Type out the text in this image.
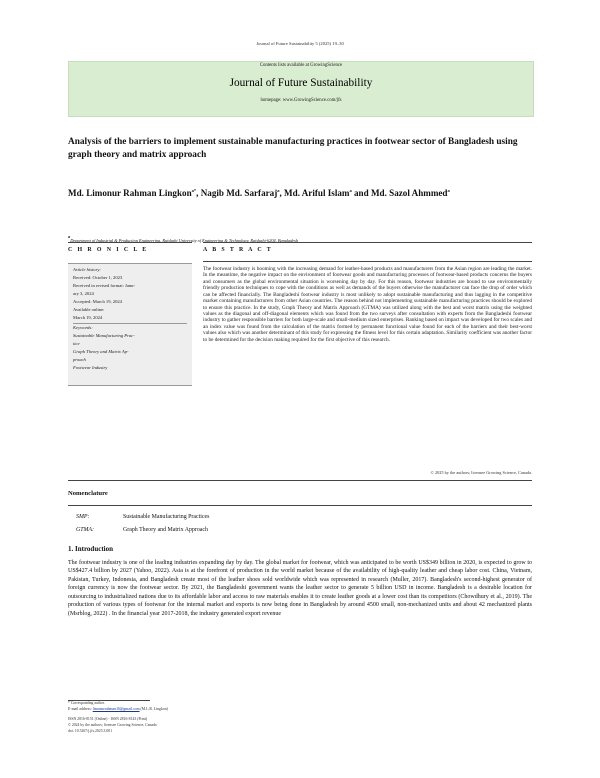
Journal of Future Sustainability 5 (2025) 19–30
Contents lists available at GrowingScience
Journal of Future Sustainability
homepage: www.GrowingScience.com/jfs
Analysis of the barriers to implement sustainable manufacturing practices in footwear sector of Bangladesh using graph theory and matrix approach
Md. Limonur Rahman Lingkon$^{a*}$, Nagib Md. Sarfaraj$^a$, Md. Ariful Islam$^a$ and Md. Sazol Ahmmed$^a$
$^a$Department of Industrial & Production Engineering, Rajshahi University of Engineering & Technology, Rajshahi-6204, Bangladesh
C H R O N I C L E	A B S T R A C T
Article history:
Received: October 1, 2023
Received in revised format: Janu-
ary 3, 2024
Accepted: March 19, 2024
Available online:
March 19, 2024
Keywords:
Sustainable Manufacturing Prac-
tice
Graph Theory and Matrix Ap-
proach
Footwear Industry
The footwear industry is booming with the increasing demand for leather-based products and manufacturers from the Asian region are leading the market. In the meantime, the negative impact on the environment of footwear goods and manufacturing processes of footwear-based products concerns the buyers and consumers as the global environmental situation is worsening day by day. For this reason, footwear industries are bound to use environmentally friendly production techniques to cope with the conditions as well as demands of the buyers otherwise the manufacturer can face the drop of order which can be affected financially. The Bangladeshi footwear industry is most unlikely to adopt sustainable manufacturing and thus lagging in the competitive market containing manufacturers from other Asian countries. The reason behind not implementing sustainable manufacturing practices should be explored to ensure this practice. In the study, Graph Theory and Matrix Approach (GTMA) was utilized along with the best and worst matrix using the weighted values as the diagonal and off-diagonal elements which was found from the two surveys after consultation with experts from the Bangladeshi footwear industry to gather responsible barriers for both large-scale and small-medium sized enterprises. Ranking based on impact was developed for two scales and an index value was found from the calculation of the matrix formed by permanent functional value found for each of the barriers and their best-worst values also which was another determinant of this study for expressing the fitness level for this certain adaptation. Similarity coefficient was another factor to be determined for the decision making required for the first objective of this research.
© 2025 by the authors; licensee Growing Science, Canada.
Nomenclature
SMP:	Sustainable Manufacturing Practices
GTMA:	Graph Theory and Matrix Approach
1. Introduction
The footwear industry is one of the leading industries expanding day by day. The global market for footwear, which was anticipated to be worth US$349 billion in 2020, is expected to grow to US$427.4 billion by 2027 (Yahoo, 2022). Asia is at the forefront of production in the world market because of the availability of high-quality leather and cheap labor cost. China, Vietnam, Pakistan, Turkey, Indonesia, and Bangladesh create most of the leather shoes sold worldwide which was represented in research (Muller, 2017). Bangladesh's second-highest generator of foreign currency is now the footwear sector. By 2021, the Bangladeshi government wants the leather sector to generate 5 billion USD in income. Bangladesh is a desirable location for outsourcing to industrialized nations due to its affordable labor and access to raw materials enables it to create leather goods at a lower cost than its competitors (Chowdhury et al., 2019). The production of various types of footwear for the internal market and exports is now being done in Bangladesh by around 4500 small, non-mechanized units and about 42 mechanized plants (Msrblog, 2022) . In the financial year 2017-2018, the industry generated export revenue
* Corresponding author.
E-mail address: limonurrahman16@gmail.com (M.L.R. Lingkon)
ISSN 2816-8151 (Online) - ISSN 2816-8143 (Print)
© 2024 by the authors; licensee Growing Science, Canada
doi: 10.5267/j.jfs.2025.3.001
